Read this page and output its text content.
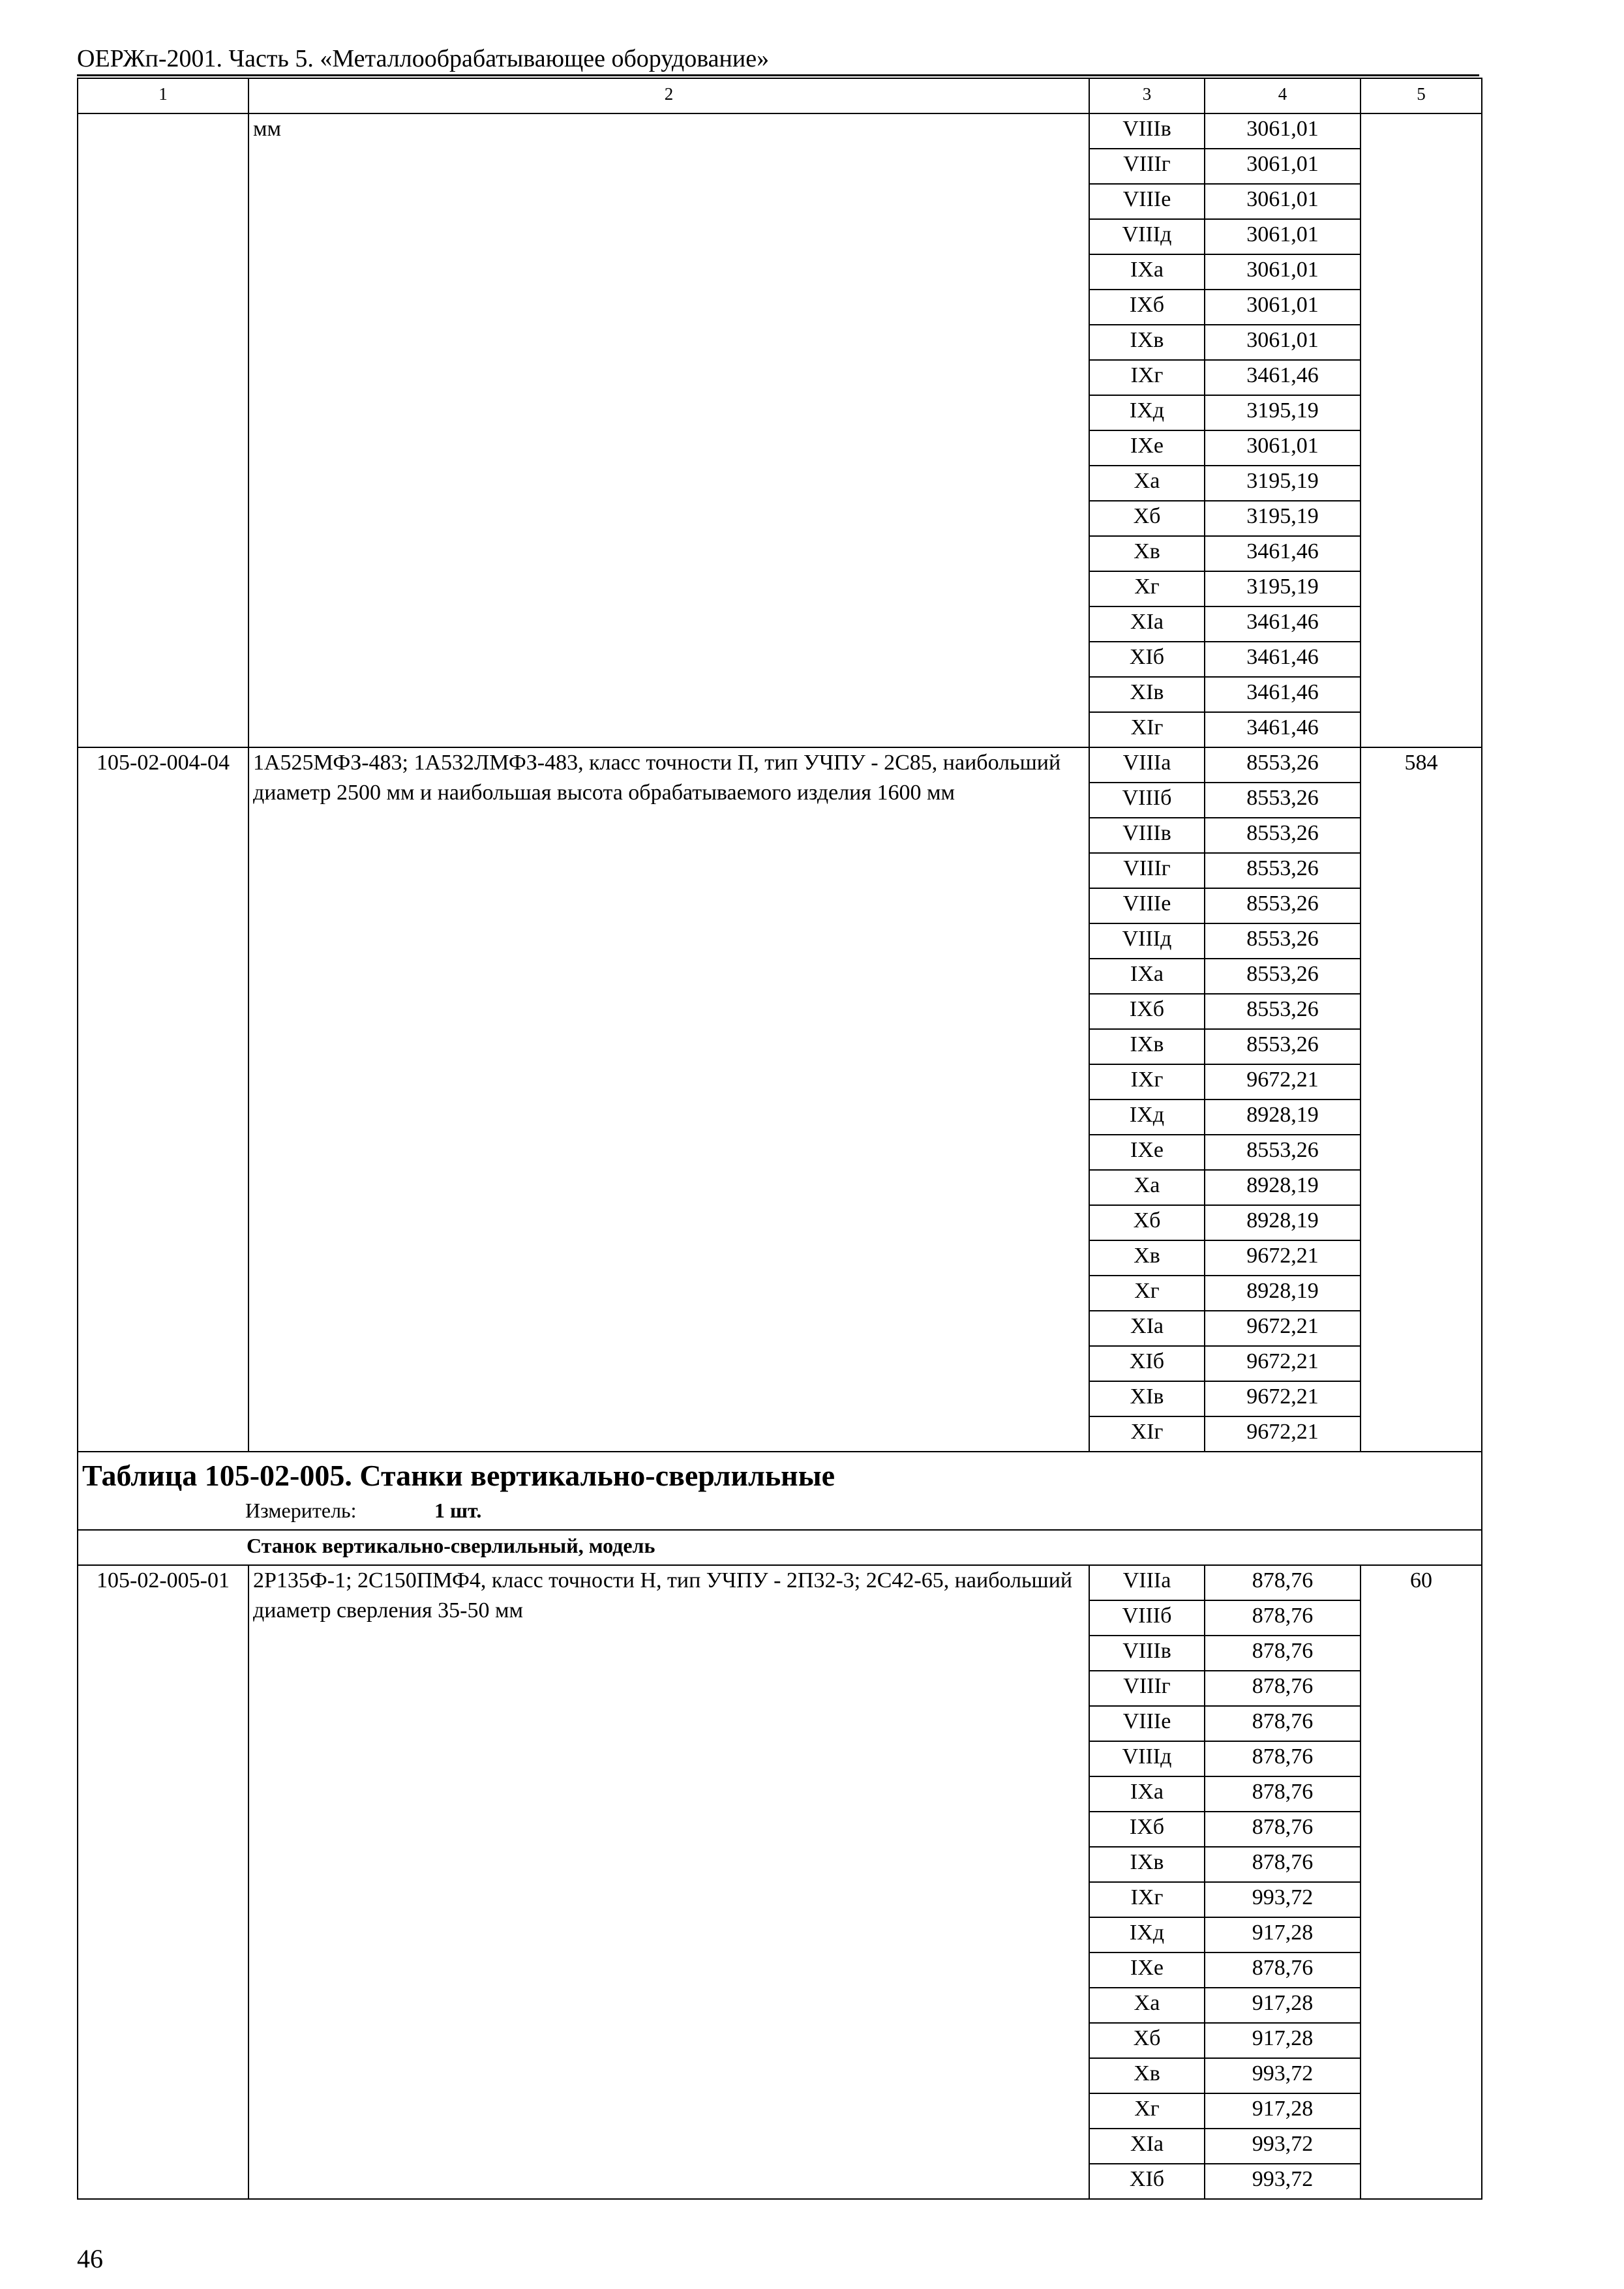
ОЕРЖп-2001. Часть 5. «Металлообрабатывающее оборудование»
1	2	3	4	5
	мм	VIIIв	3061,01	
		VIIIг	3061,01	
		VIIIе	3061,01	
		VIIIд	3061,01	
		IXа	3061,01	
		IXб	3061,01	
		IXв	3061,01	
		IXг	3461,46	
		IXд	3195,19	
		IXе	3061,01	
		Xа	3195,19	
		Xб	3195,19	
		Xв	3461,46	
		Xг	3195,19	
		XIа	3461,46	
		XIб	3461,46	
		XIв	3461,46	
		XIг	3461,46	
105-02-004-04	1А525МФЗ-483; 1А532ЛМФЗ-483, класс точности П, тип УЧПУ - 2С85, наибольший диаметр 2500 мм и наибольшая высота обрабатываемого изделия 1600 мм	VIIIа	8553,26	584
		VIIIб	8553,26	
		VIIIв	8553,26	
		VIIIг	8553,26	
		VIIIе	8553,26	
		VIIIд	8553,26	
		IXа	8553,26	
		IXб	8553,26	
		IXв	8553,26	
		IXг	9672,21	
		IXд	8928,19	
		IXе	8553,26	
		Xа	8928,19	
		Xб	8928,19	
		Xв	9672,21	
		Xг	8928,19	
		XIа	9672,21	
		XIб	9672,21	
		XIв	9672,21	
		XIг	9672,21	

Таблица 105-02-005. Станки вертикально-сверлильные
Измеритель: 1 шт.				

Станок вертикально-сверлильный, модель				
105-02-005-01	2Р135Ф-1; 2С150ПМФ4, класс точности Н, тип УЧПУ - 2П32-3; 2С42-65, наибольший диаметр сверления 35-50 мм	VIIIа	878,76	60
		VIIIб	878,76	
		VIIIв	878,76	
		VIIIг	878,76	
		VIIIе	878,76	
		VIIIд	878,76	
		IXа	878,76	
		IXб	878,76	
		IXв	878,76	
		IXг	993,72	
		IXд	917,28	
		IXе	878,76	
		Xа	917,28	
		Xб	917,28	
		Xв	993,72	
		Xг	917,28	
		XIа	993,72	
		XIб	993,72	
46
